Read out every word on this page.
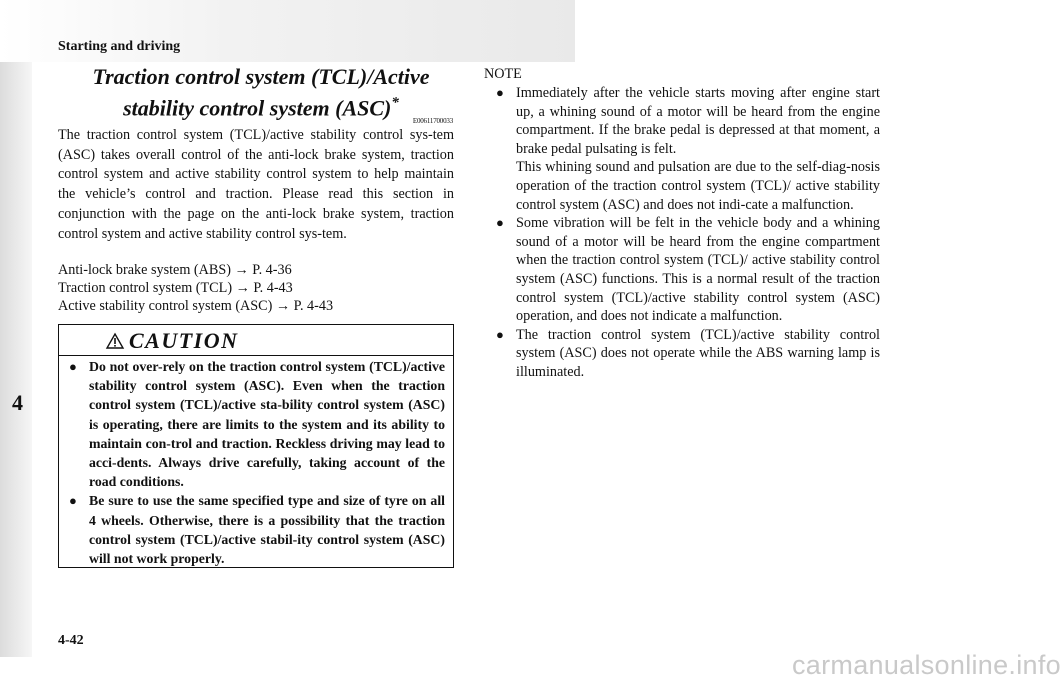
Starting and driving
4
Traction control system (TCL)/Active stability control system (ASC)*
E00611700033

The traction control system (TCL)/active stability control sys-tem (ASC) takes overall control of the anti-lock brake system, traction control system and active stability control system to help maintain the vehicle’s control and traction. Please read this section in conjunction with the page on the anti-lock brake system, traction control system and active stability control sys-tem.

Anti-lock brake system (ABS) → P. 4-36
Traction control system (TCL) → P. 4-43
Active stability control system (ASC) → P. 4-43
CAUTION
● Do not over-rely on the traction control system (TCL)/active stability control system (ASC). Even when the traction control system (TCL)/active sta-bility control system (ASC) is operating, there are limits to the system and its ability to maintain con-trol and traction. Reckless driving may lead to acci-dents. Always drive carefully, taking account of the road conditions.
● Be sure to use the same specified type and size of tyre on all 4 wheels. Otherwise, there is a possibility that the traction control system (TCL)/active stabil-ity control system (ASC) will not work properly.
NOTE
● Immediately after the vehicle starts moving after engine start up, a whining sound of a motor will be heard from the engine compartment. If the brake pedal is depressed at that moment, a brake pedal pulsating is felt.

This whining sound and pulsation are due to the self-diag-nosis operation of the traction control system (TCL)/ active stability control system (ASC) and does not indi-cate a malfunction.

● Some vibration will be felt in the vehicle body and a whining sound of a motor will be heard from the engine compartment when the traction control system (TCL)/ active stability control system (ASC) functions. This is a normal result of the traction control system (TCL)/active stability control system (ASC) operation, and does not indicate a malfunction.

● The traction control system (TCL)/active stability control system (ASC) does not operate while the ABS warning lamp is illuminated.

4-42
carmanualsonline.info
